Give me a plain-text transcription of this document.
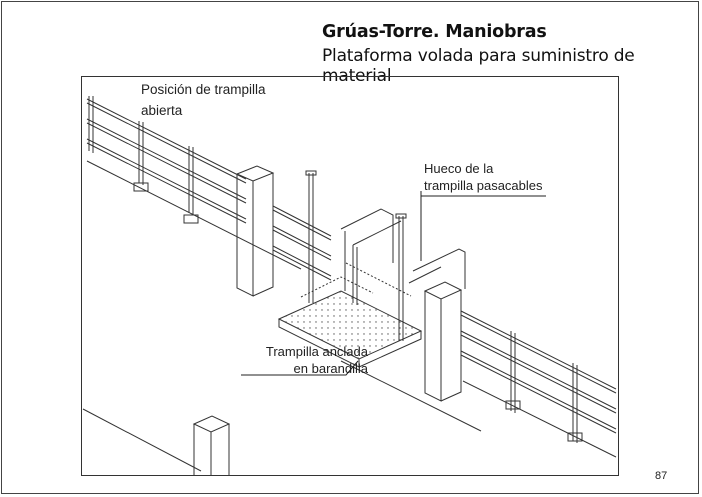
Grúas-Torre. Maniobras
Plataforma volada para suministro de material
Posición de trampilla
abierta
Hueco de la
trampilla pasacables
Trampilla anclada
en barandilla
87
